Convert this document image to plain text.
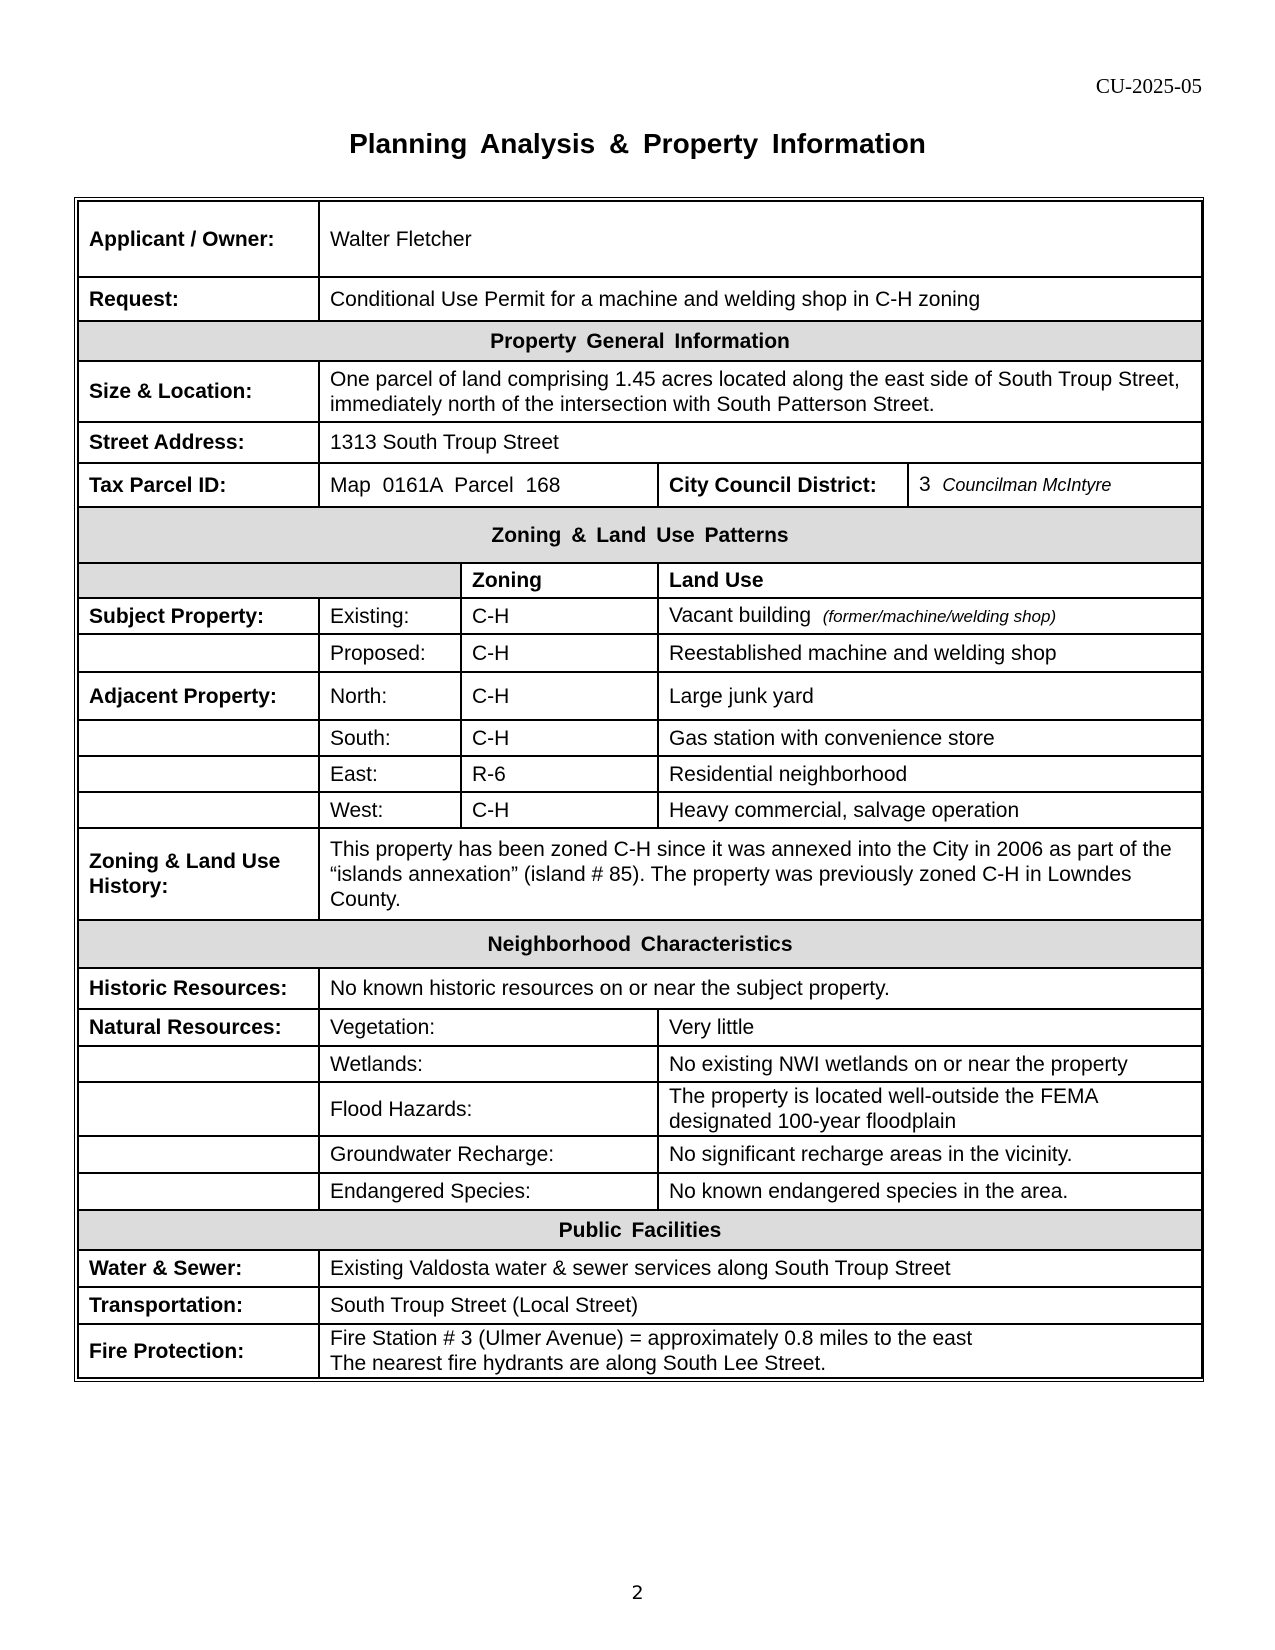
CU-2025-05
Planning Analysis & Property Information
Applicant / Owner:	Walter Fletcher			
Request:	Conditional Use Permit for a machine and welding shop in C-H zoning			
Property General Information				
Size & Location:	One parcel of land comprising 1.45 acres located along the east side of South Troup Street, immediately north of the intersection with South Patterson Street.			
Street Address:	1313 South Troup Street			
Tax Parcel ID:	Map 0161A Parcel 168		City Council District:	3 Councilman McIntyre
Zoning & Land Use Patterns				
		Zoning	Land Use	
Subject Property:	Existing:	C-H	Vacant building (former/machine/welding shop)	
	Proposed:	C-H	Reestablished machine and welding shop	
Adjacent Property:	North:	C-H	Large junk yard	
	South:	C-H	Gas station with convenience store	
	East:	R-6	Residential neighborhood	
	West:	C-H	Heavy commercial, salvage operation	
Zoning & Land Use History:	This property has been zoned C-H since it was annexed into the City in 2006 as part of the “islands annexation” (island # 85). The property was previously zoned C-H in Lowndes County.			
Neighborhood Characteristics				
Historic Resources:	No known historic resources on or near the subject property.			
Natural Resources:	Vegetation:		Very little	
	Wetlands:		No existing NWI wetlands on or near the property	
	Flood Hazards:		The property is located well-outside the FEMA designated 100-year floodplain	
	Groundwater Recharge:		No significant recharge areas in the vicinity.	
	Endangered Species:		No known endangered species in the area.	
Public Facilities				
Water & Sewer:	Existing Valdosta water & sewer services along South Troup Street			
Transportation:	South Troup Street (Local Street)			
Fire Protection:	Fire Station # 3 (Ulmer Avenue) = approximately 0.8 miles to the east
The nearest fire hydrants are along South Lee Street.			
2
